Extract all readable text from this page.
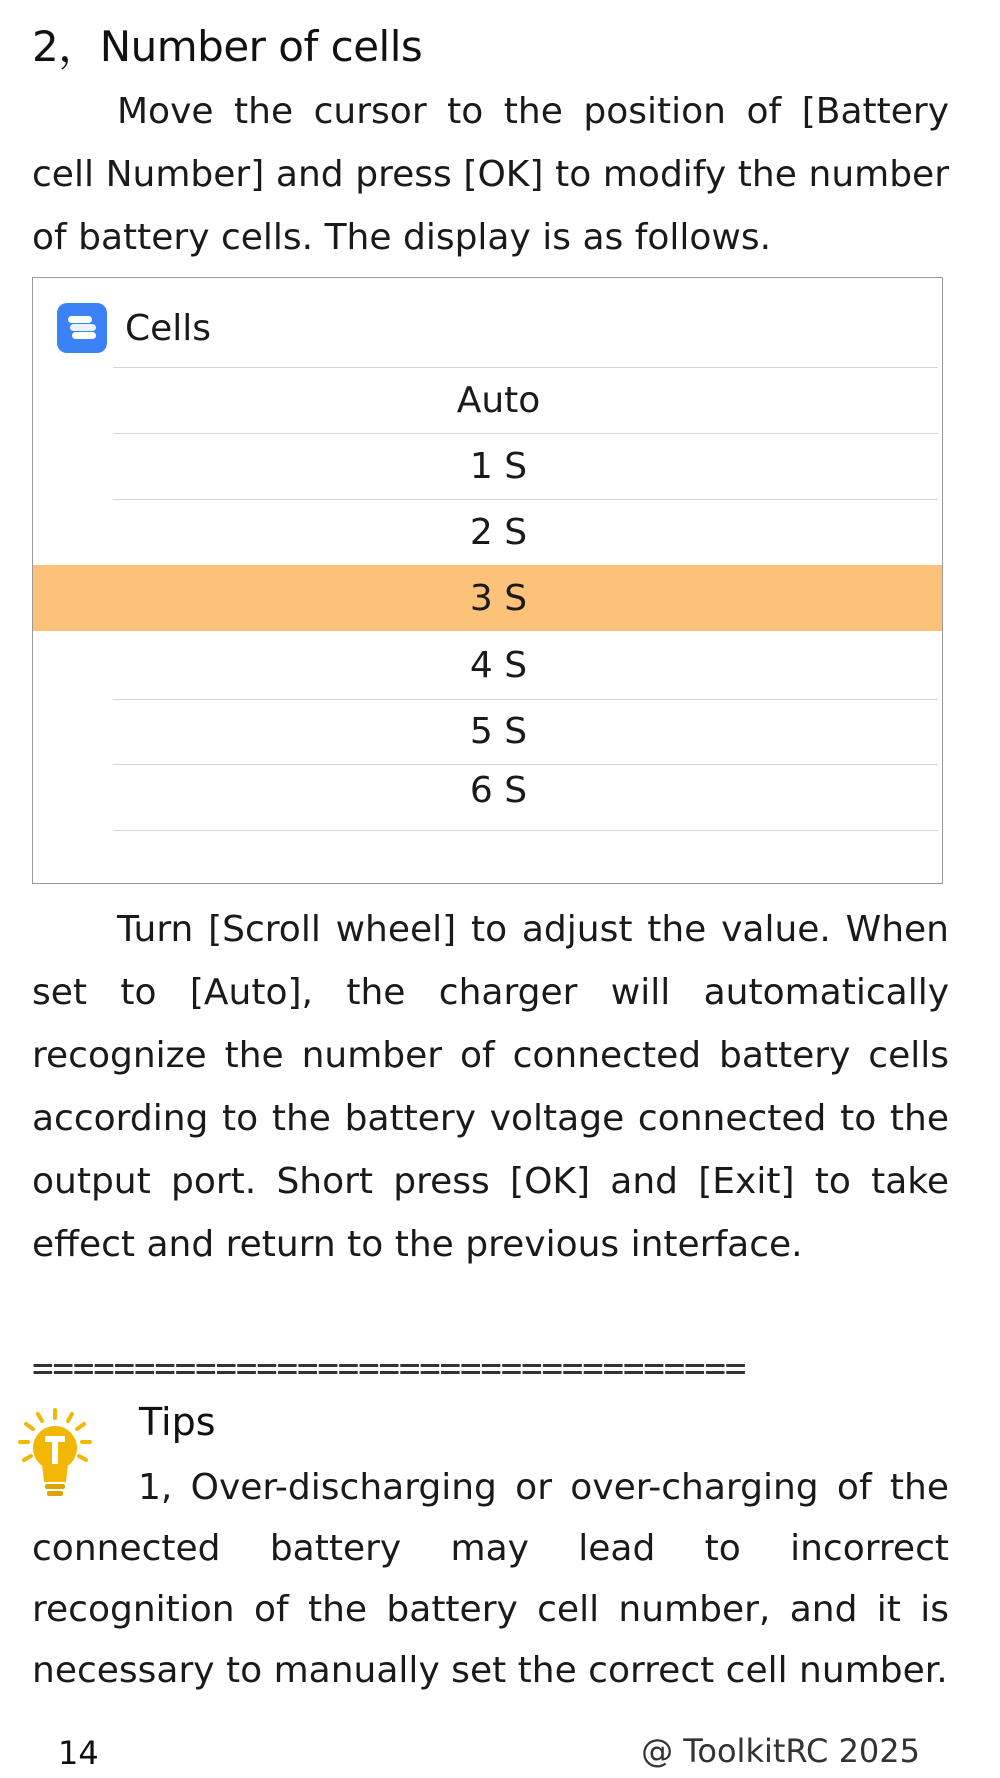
2，Number of cells

Move the cursor to the position of [Battery cell Number] and press [OK] to modify the number of battery cells. The display is as follows.

Cells
Auto
1 S
2 S
3 S
4 S
5 S
6 S

Turn [Scroll wheel] to adjust the value. When set to [Auto], the charger will automatically recognize the number of connected battery cells according to the battery voltage connected to the output port. Short press [OK] and [Exit] to take effect and return to the previous interface.

===================================
Tips

1, Over-discharging or over-charging of the connected battery may lead to incorrect recognition of the battery cell number, and it is necessary to manually set the correct cell number.

14	@ ToolkitRC 2025
